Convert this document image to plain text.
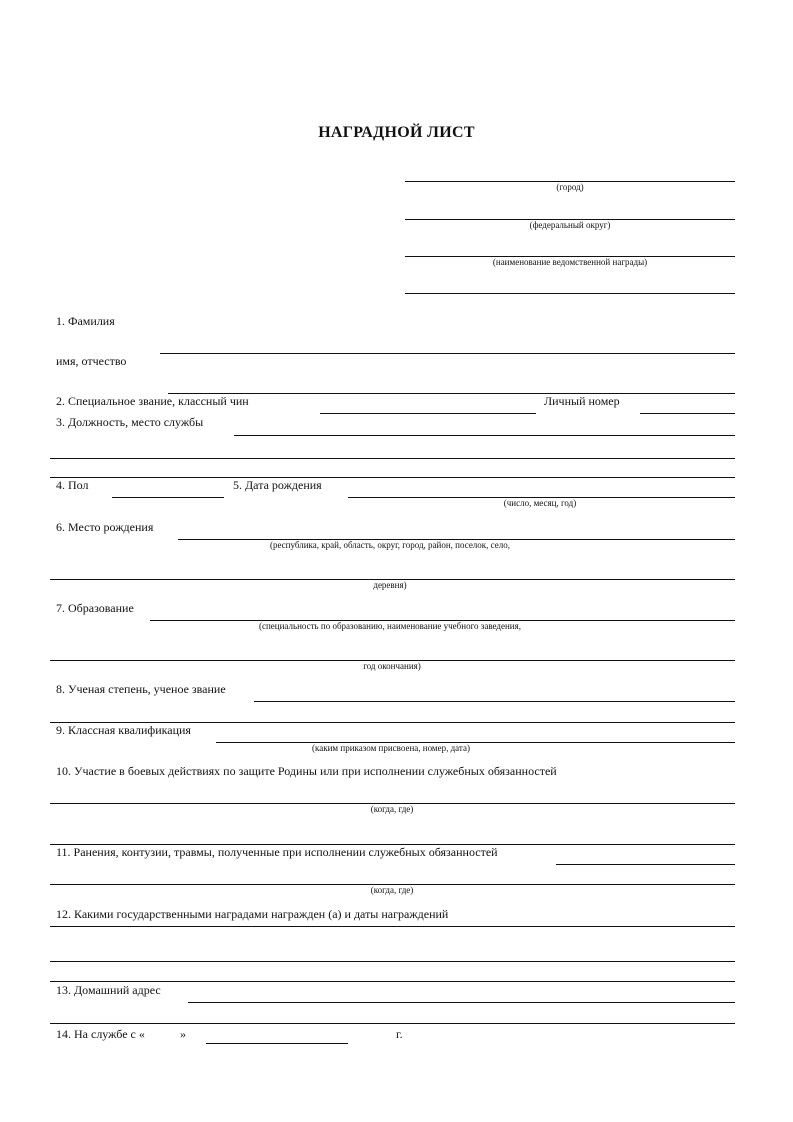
НАГРАДНОЙ ЛИСТ
(город)
(федеральный округ)
(наименование ведомственной награды)
1. Фамилия
имя, отчество
2. Специальное звание, классный чин	Личный номер
3. Должность, место службы
4. Пол	5. Дата рождения
(число, месяц, год)
6. Место рождения
(республика, край, область, округ, город, район, поселок, село,
деревня)
7. Образование
(специальность по образованию, наименование учебного заведения,
год окончания)
8. Ученая степень, ученое звание
9. Классная квалификация
(каким приказом присвоена, номер, дата)
10. Участие в боевых действиях по защите Родины или при исполнении служебных обязанностей
(когда, где)
11. Ранения, контузии, травмы, полученные при исполнении служебных обязанностей
(когда, где)
12. Какими государственными наградами награжден (а) и даты награждений
13. Домашний адрес
14. На службе с «	»	г.
